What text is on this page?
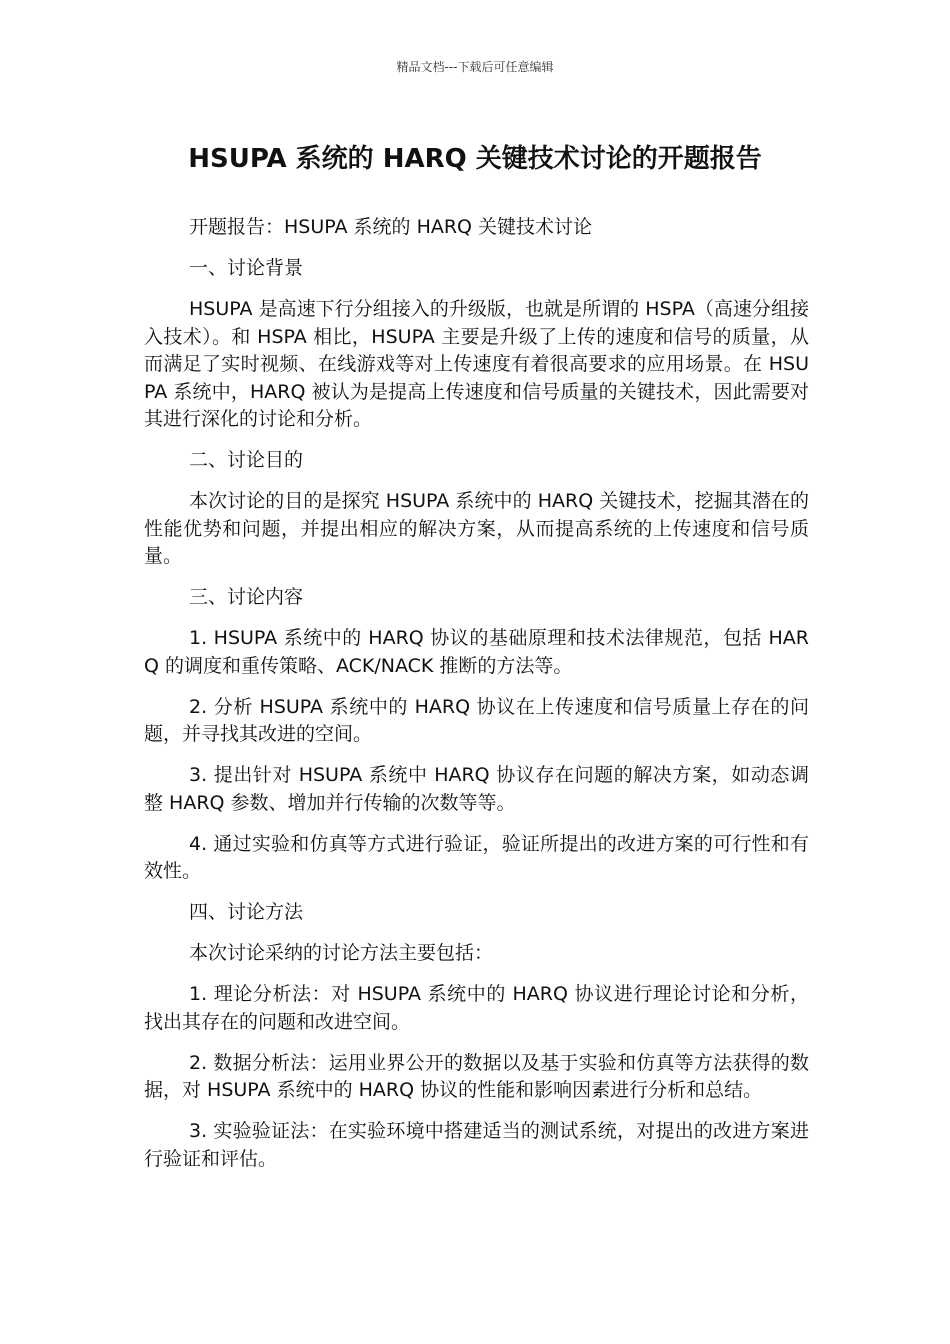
精品文档---下载后可任意编辑
HSUPA 系统的 HARQ 关键技术讨论的开题报告

开题报告：HSUPA 系统的 HARQ 关键技术讨论

一、讨论背景

HSUPA 是高速下行分组接入的升级版，也就是所谓的 HSPA（高速分组接入技术）。和 HSPA 相比，HSUPA 主要是升级了上传的速度和信号的质量，从而满足了实时视频、在线游戏等对上传速度有着很高要求的应用场景。在 HSUPA 系统中，HARQ 被认为是提高上传速度和信号质量的关键技术，因此需要对其进行深化的讨论和分析。

二、讨论目的

本次讨论的目的是探究 HSUPA 系统中的 HARQ 关键技术，挖掘其潜在的性能优势和问题，并提出相应的解决方案，从而提高系统的上传速度和信号质量。

三、讨论内容

1. HSUPA 系统中的 HARQ 协议的基础原理和技术法律规范，包括 HARQ 的调度和重传策略、ACK/NACK 推断的方法等。

2. 分析 HSUPA 系统中的 HARQ 协议在上传速度和信号质量上存在的问题，并寻找其改进的空间。

3. 提出针对 HSUPA 系统中 HARQ 协议存在问题的解决方案，如动态调整 HARQ 参数、增加并行传输的次数等等。

4. 通过实验和仿真等方式进行验证，验证所提出的改进方案的可行性和有效性。

四、讨论方法

本次讨论采纳的讨论方法主要包括：

1. 理论分析法：对 HSUPA 系统中的 HARQ 协议进行理论讨论和分析，找出其存在的问题和改进空间。

2. 数据分析法：运用业界公开的数据以及基于实验和仿真等方法获得的数据，对 HSUPA 系统中的 HARQ 协议的性能和影响因素进行分析和总结。

3. 实验验证法：在实验环境中搭建适当的测试系统，对提出的改进方案进行验证和评估。
